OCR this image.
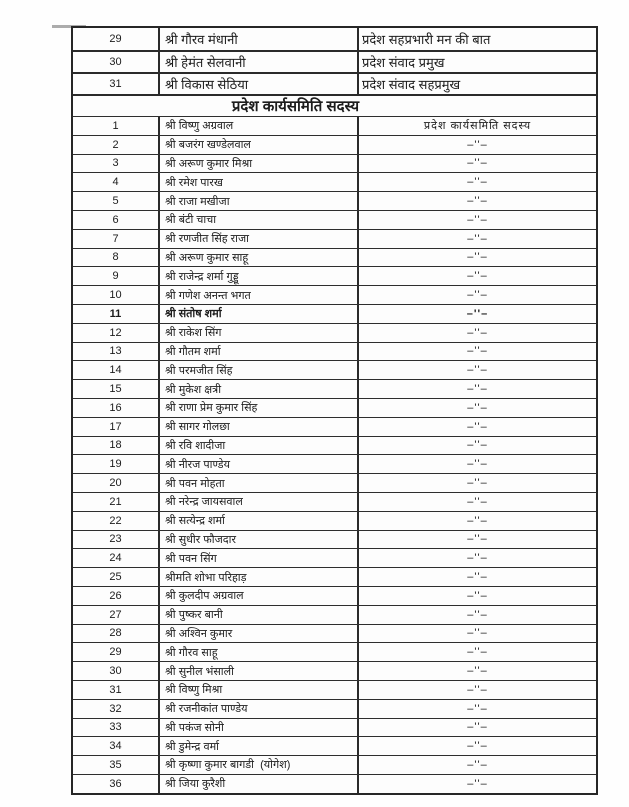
29	श्री गौरव मंधानी	प्रदेश सहप्रभारी मन की बात
30	श्री हेमंत सेलवानी	प्रदेश संवाद प्रमुख
31	श्री विकास सेठिया	प्रदेश संवाद सहप्रमुख
प्रदेश कार्यसमिति सदस्य
1	श्री विष्णु अग्रवाल	प्रदेश कार्यसमिति सदस्य
2	श्री बजरंग खण्डेलवाल	–''–
3	श्री अरूण कुमार मिश्रा	–''–
4	श्री रमेश पारख	–''–
5	श्री राजा मखीजा	–''–
6	श्री बंटी चाचा	–''–
7	श्री रणजीत सिंह राजा	–''–
8	श्री अरूण कुमार साहू	–''–
9	श्री राजेन्द्र शर्मा गुड्डू	–''–
10	श्री गणेश अनन्त भगत	–''–
11	श्री संतोष शर्मा	–''–
12	श्री राकेश सिंग	–''–
13	श्री गौतम शर्मा	–''–
14	श्री परमजीत सिंह	–''–
15	श्री मुकेश क्षत्री	–''–
16	श्री राणा प्रेम कुमार सिंह	–''–
17	श्री सागर गोलछा	–''–
18	श्री रवि शादीजा	–''–
19	श्री नीरज पाण्डेय	–''–
20	श्री पवन मोहता	–''–
21	श्री नरेन्द्र जायसवाल	–''–
22	श्री सत्येन्द्र शर्मा	–''–
23	श्री सुधीर फौजदार	–''–
24	श्री पवन सिंग	–''–
25	श्रीमति शोभा परिहाड़	–''–
26	श्री कुलदीप अग्रवाल	–''–
27	श्री पुष्कर बानी	–''–
28	श्री अश्विन कुमार	–''–
29	श्री गौरव साहू	–''–
30	श्री सुनील भंसाली	–''–
31	श्री विष्णु मिश्रा	–''–
32	श्री रजनीकांत पाण्डेय	–''–
33	श्री पकंज सोनी	–''–
34	श्री डुमेन्द्र वर्मा	–''–
35	श्री कृष्णा कुमार बागडी  (योगेश)	–''–
36	श्री जिया कुरैशी	–''–
